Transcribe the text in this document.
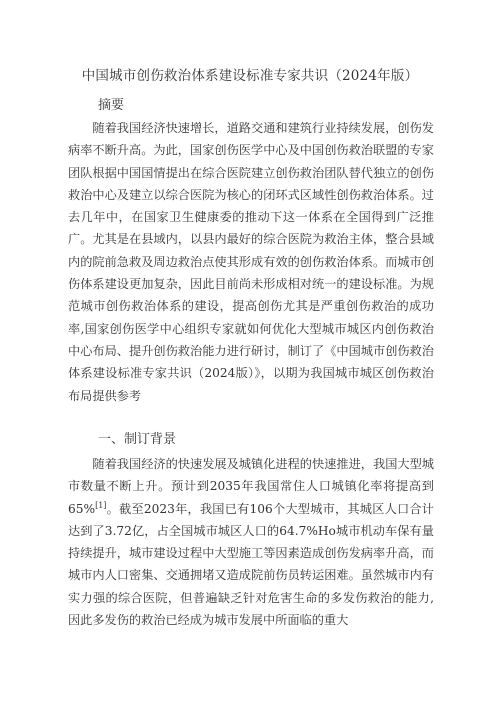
中国城市创伤救治体系建设标准专家共识（2024年版）
摘要
随着我国经济快速增长，道路交通和建筑行业持续发展，创伤发病率不断升高。为此，国家创伤医学中心及中国创伤救治联盟的专家团队根据中国国情提出在综合医院建立创伤救治团队替代独立的创伤救治中心及建立以综合医院为核心的闭环式区域性创伤救治体系。过去几年中，在国家卫生健康委的推动下这一体系在全国得到广泛推广。尤其是在县域内，以县内最好的综合医院为救治主体，整合县域内的院前急救及周边救治点使其形成有效的创伤救治体系。而城市创伤体系建设更加复杂，因此目前尚未形成相对统一的建设标准。为规范城市创伤救治体系的建设，提高创伤尤其是严重创伤救治的成功率,国家创伤医学中心组织专家就如何优化大型城市城区内创伤救治中心布局、提升创伤救治能力进行研讨，制订了《中国城市创伤救治体系建设标准专家共识（2024版）》，以期为我国城市城区创伤救治布局提供参考
一、制订背景
随着我国经济的快速发展及城镇化进程的快速推进，我国大型城市数量不断上升。预计到2035年我国常住人口城镇化率将提高到65%[1]。截至2023年，我国已有106个大型城市，其城区人口合计达到了3.72亿，占全国城市城区人口的64.7%Ho城市机动车保有量持续提升，城市建设过程中大型施工等因素造成创伤发病率升高，而城市内人口密集、交通拥堵又造成院前伤员转运困难。虽然城市内有实力强的综合医院，但普遍缺乏针对危害生命的多发伤救治的能力,因此多发伤的救治已经成为城市发展中所面临的重大
